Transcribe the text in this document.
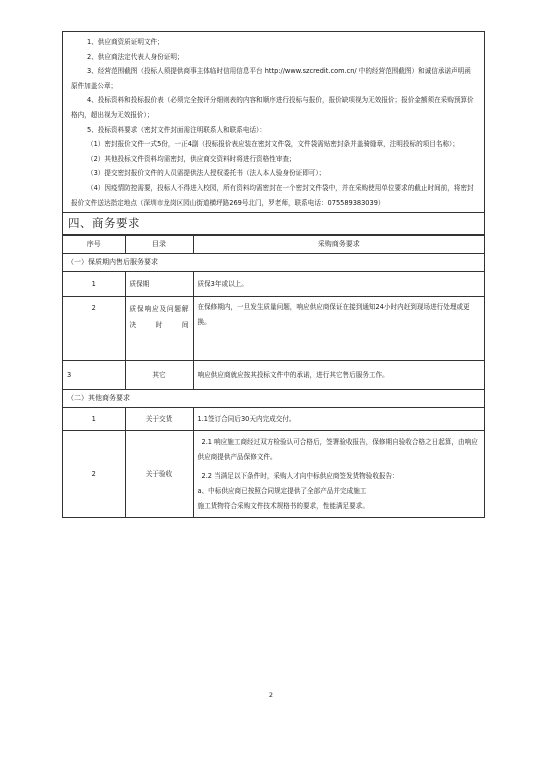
1、供应商资质证明文件；

2、供应商法定代表人身份证明；

3、经营范围截图（投标人须提供商事主体临时信用信息平台 http://www.szcredit.com.cn/ 中的经营范围截图）和诚信承诺声明函原件加盖公章；

4、投标资料和投标报价表（必须完全按评分细则表的内容和顺序进行投标与报价，报价缺项视为无效报价；报价金额须在采购预算价格内，超出视为无效报价）；

5、投标资料要求（密封文件封面需注明联系人和联系电话）：

（1）密封报价文件一式5份，一正4副（投标报价表应装在密封文件袋，文件袋需贴密封条并盖骑缝章，注明投标的项目名称）；

（2）其他投标文件资料均需密封，供应商交资料时将进行资格性审查；

（3）提交密封报价文件的人员需提供法人授权委托书（法人本人验身份证即可）；

（4）因疫情防控需要，投标人不得进入校园，所有资料均需密封在一个密封文件袋中，并在采购使用单位要求的截止时间前，将密封报价文件送达指定地点（深圳市龙岗区园山街道横坪路269号北门，罗老师，联系电话：075589383039）

四、商务要求
序号	目录	采购商务要求
（一）保质期内售后服务要求		
1	质保期	质保3年或以上。
2	质保响应及问题解决时间	在保修期内，一旦发生质量问题，响应供应商保证在接到通知24小时内赶到现场进行处理或更换。
3	其它	响应供应商就应按其投标文件中的承诺，进行其它售后服务工作。
（二）其他商务要求		
1	关于交货	1.1签订合同后30天内完成交付。
2	关于验收	2.1 响应施工商经过双方检验认可合格后，签署验收报告，保修期自验收合格之日起算，由响应供应商提供产品保修文件。
2.2 当满足以下条件时，采购人才向中标供应商签发货物验收报告：
a、中标供应商已按照合同规定提供了全部产品并完成施工
施工货物符合采购文件技术规格书的要求，性能满足要求。
2
